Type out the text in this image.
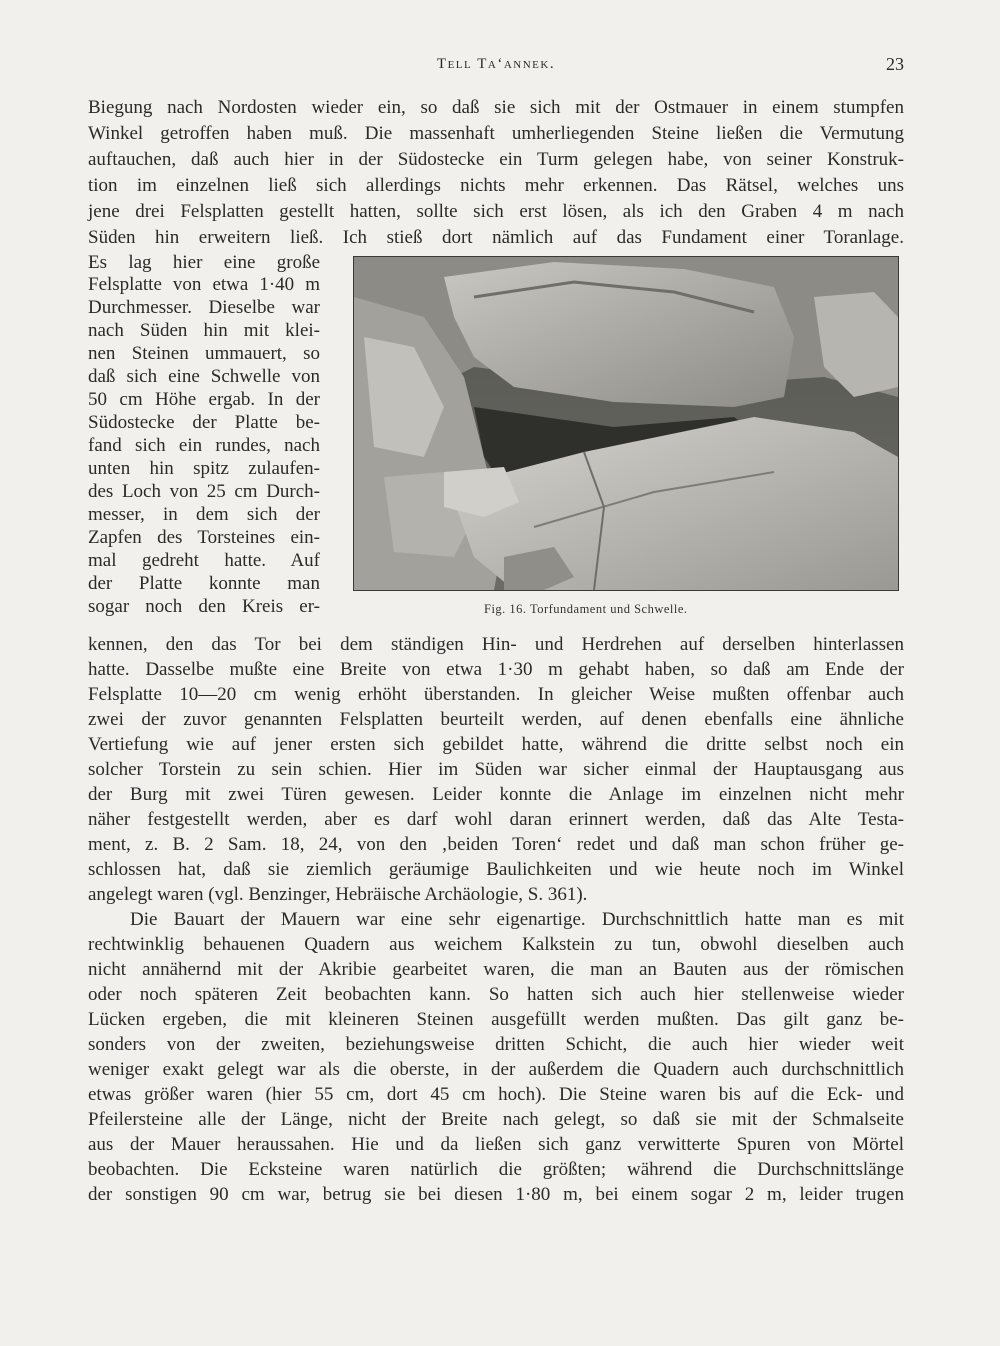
Tell Ta‘annek.	23
Biegung nach Nordosten wieder ein, so daß sie sich mit der Ostmauer in einem stumpfen
Winkel getroffen haben muß. Die massenhaft umherliegenden Steine ließen die Vermutung
auftauchen, daß auch hier in der Südostecke ein Turm gelegen habe, von seiner Konstruk-
tion im einzelnen ließ sich allerdings nichts mehr erkennen. Das Rätsel, welches uns
jene drei Felsplatten gestellt hatten, sollte sich erst lösen, als ich den Graben 4 m nach
Süden hin erweitern ließ. Ich stieß dort nämlich auf das Fundament einer Toranlage.
Es lag hier eine große
Felsplatte von etwa 1·40 m
Durchmesser. Dieselbe war
nach Süden hin mit klei-
nen Steinen ummauert, so
daß sich eine Schwelle von
50 cm Höhe ergab. In der
Südostecke der Platte be-
fand sich ein rundes, nach
unten hin spitz zulaufen-
des Loch von 25 cm Durch-
messer, in dem sich der
Zapfen des Torsteines ein-
mal gedreht hatte. Auf
der Platte konnte man
sogar noch den Kreis er-	Fig. 16. Torfundament und Schwelle.
kennen, den das Tor bei dem ständigen Hin- und Herdrehen auf derselben hinterlassen
hatte. Dasselbe mußte eine Breite von etwa 1·30 m gehabt haben, so daß am Ende der
Felsplatte 10—20 cm wenig erhöht überstanden. In gleicher Weise mußten offenbar auch
zwei der zuvor genannten Felsplatten beurteilt werden, auf denen ebenfalls eine ähnliche
Vertiefung wie auf jener ersten sich gebildet hatte, während die dritte selbst noch ein
solcher Torstein zu sein schien. Hier im Süden war sicher einmal der Hauptausgang aus
der Burg mit zwei Türen gewesen. Leider konnte die Anlage im einzelnen nicht mehr
näher festgestellt werden, aber es darf wohl daran erinnert werden, daß das Alte Testa-
ment, z. B. 2 Sam. 18, 24, von den ‚beiden Toren‘ redet und daß man schon früher ge-
schlossen hat, daß sie ziemlich geräumige Baulichkeiten und wie heute noch im Winkel
angelegt waren (vgl. Benzinger, Hebräische Archäologie, S. 361).
Die Bauart der Mauern war eine sehr eigenartige. Durchschnittlich hatte man es mit
rechtwinklig behauenen Quadern aus weichem Kalkstein zu tun, obwohl dieselben auch
nicht annähernd mit der Akribie gearbeitet waren, die man an Bauten aus der römischen
oder noch späteren Zeit beobachten kann. So hatten sich auch hier stellenweise wieder
Lücken ergeben, die mit kleineren Steinen ausgefüllt werden mußten. Das gilt ganz be-
sonders von der zweiten, beziehungsweise dritten Schicht, die auch hier wieder weit
weniger exakt gelegt war als die oberste, in der außerdem die Quadern auch durchschnittlich
etwas größer waren (hier 55 cm, dort 45 cm hoch). Die Steine waren bis auf die Eck- und
Pfeilersteine alle der Länge, nicht der Breite nach gelegt, so daß sie mit der Schmalseite
aus der Mauer heraussahen. Hie und da ließen sich ganz verwitterte Spuren von Mörtel
beobachten. Die Ecksteine waren natürlich die größten; während die Durchschnittslänge
der sonstigen 90 cm war, betrug sie bei diesen 1·80 m, bei einem sogar 2 m, leider trugen
